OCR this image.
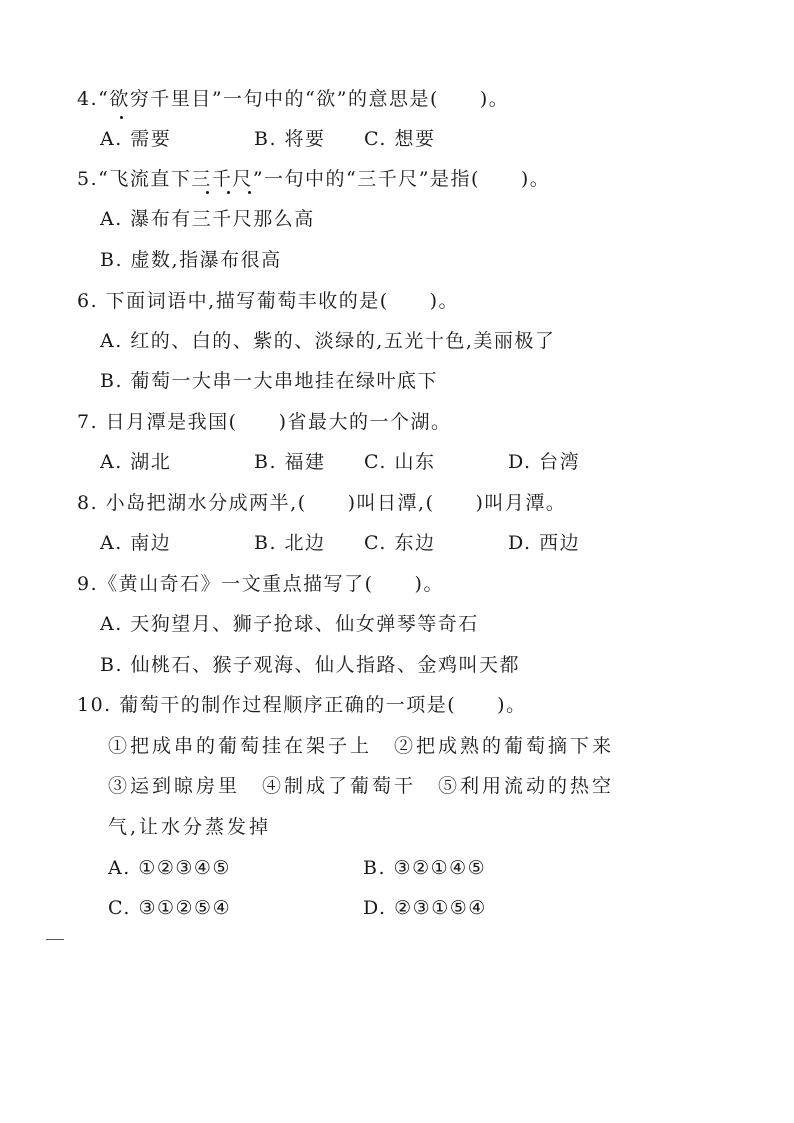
4.“欲穷千里目”一句中的“欲”的意思是(　　)。
A. 需要	B. 将要 C. 想要
5.“飞流直下三千尺”一句中的“三千尺”是指(　　)。
A. 瀑布有三千尺那么高
B. 虚数,指瀑布很高
6. 下面词语中,描写葡萄丰收的是(　　)。
A. 红的、白的、紫的、淡绿的,五光十色,美丽极了
B. 葡萄一大串一大串地挂在绿叶底下
7. 日月潭是我国(　　)省最大的一个湖。
A. 湖北	B. 福建 C. 山东	D. 台湾
8. 小岛把湖水分成两半,(　　)叫日潭,(　　)叫月潭。
A. 南边	B. 北边 C. 东边	D. 西边
9.《黄山奇石》一文重点描写了(　　)。
A. 天狗望月、狮子抢球、仙女弹琴等奇石
B. 仙桃石、猴子观海、仙人指路、金鸡叫天都
10. 葡萄干的制作过程顺序正确的一项是(　　)。
①把成串的葡萄挂在架子上　②把成熟的葡萄摘下来
③运到晾房里　④制成了葡萄干　⑤利用流动的热空
气,让水分蒸发掉
A. ①②③④⑤	B. ③②①④⑤
C. ③①②⑤④	D. ②③①⑤④
